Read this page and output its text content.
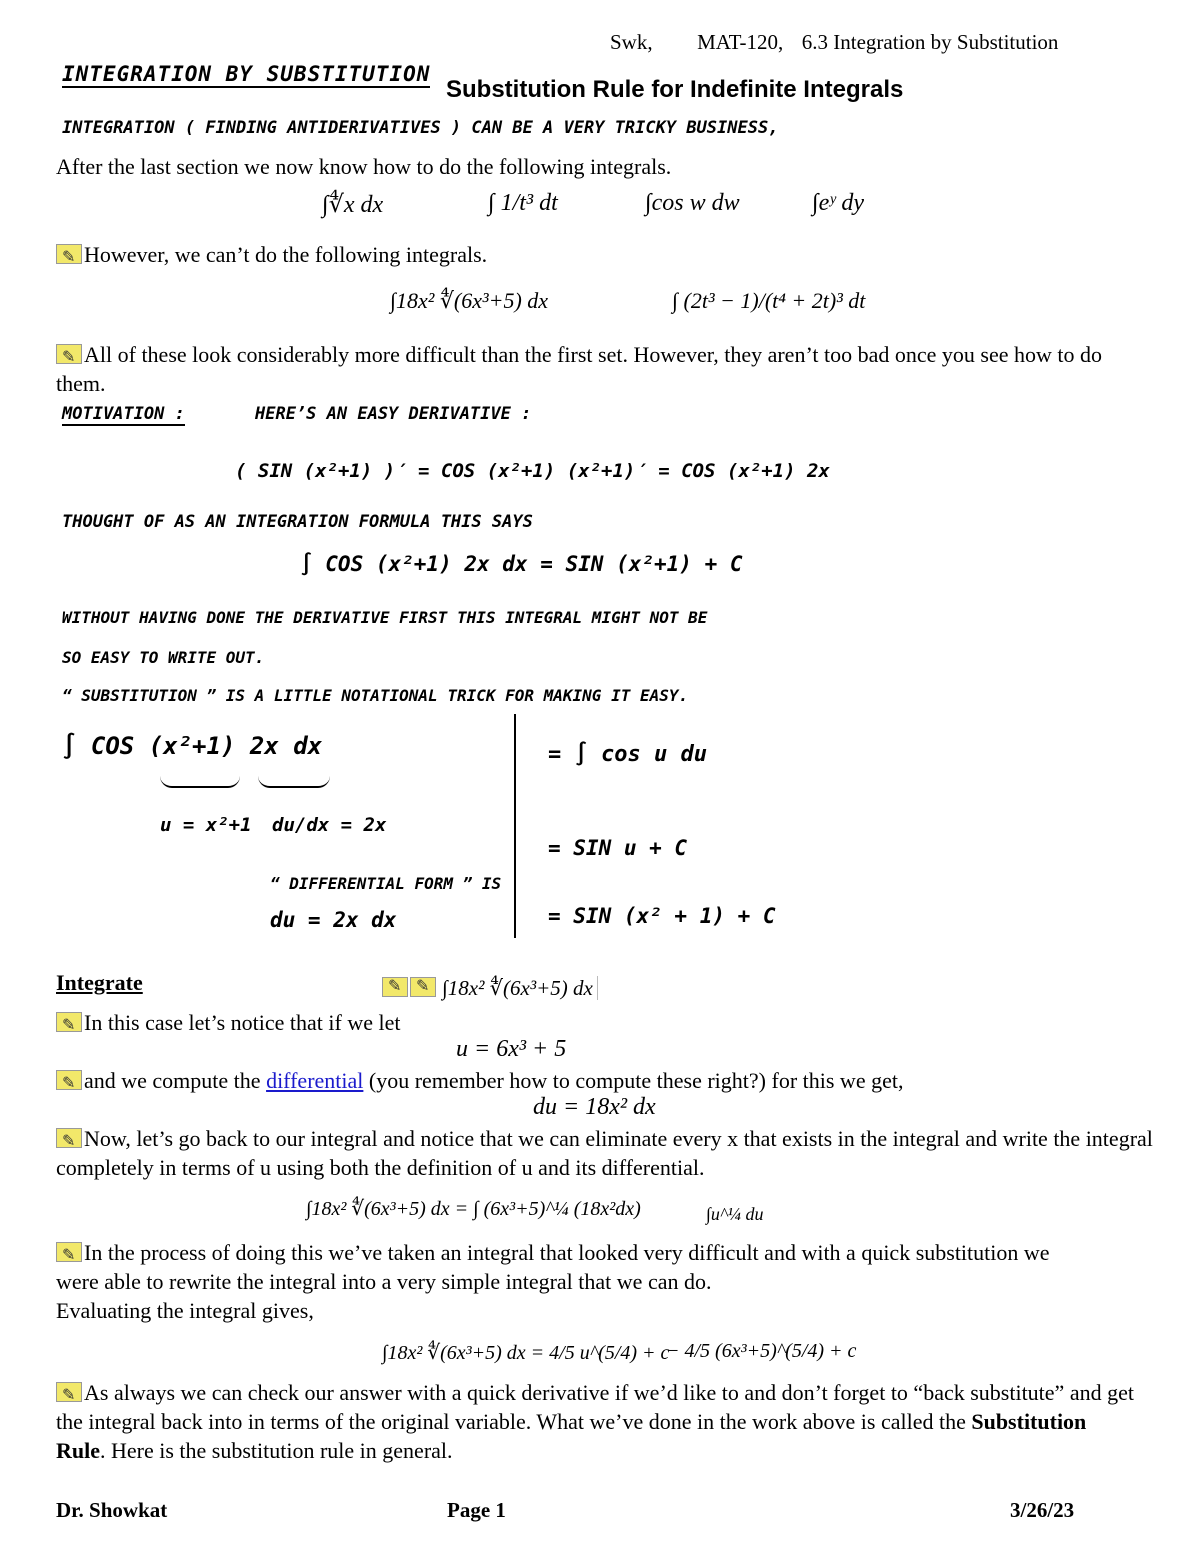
Swk, MAT-120, 6.3 Integration by Substitution
INTEGRATION BY SUBSTITUTION
Substitution Rule for Indefinite Integrals
INTEGRATION ( FINDING ANTIDERIVATIVES ) CAN BE A VERY TRICKY BUSINESS,
After the last section we now know how to do the following integrals.
∫∜x dx	∫ 1/t³ dt	∫cos w dw	∫eʸ dy
✎However, we can’t do the following integrals.
∫18x² ∜(6x³+5) dx	∫ (2t³ − 1)/(t⁴ + 2t)³ dt
✎All of these look considerably more difficult than the first set. However, they aren’t too bad once you see how to do them.
MOTIVATION :	HERE’S AN EASY DERIVATIVE :
( SIN (x²+1) )′ = COS (x²+1) (x²+1)′ = COS (x²+1) 2x
THOUGHT OF AS AN INTEGRATION FORMULA THIS SAYS
∫ COS (x²+1) 2x dx = SIN (x²+1) + C
WITHOUT HAVING DONE THE DERIVATIVE FIRST THIS INTEGRAL MIGHT NOT BE
SO EASY TO WRITE OUT.
“ SUBSTITUTION ” IS A LITTLE NOTATIONAL TRICK FOR MAKING IT EASY.
∫ COS (x²+1) 2x dx
u = x²+1 du/dx = 2x
“ DIFFERENTIAL FORM ” IS
du = 2x dx
= ∫ cos u du
= SIN u + C
= SIN (x² + 1) + C
Integrate ✎ ✎	∫18x² ∜(6x³+5) dx
✎In this case let’s notice that if we let
u = 6x³ + 5
✎and we compute the differential (you remember how to compute these right?) for this we get,
du = 18x² dx
✎Now, let’s go back to our integral and notice that we can eliminate every x that exists in the integral and write the integral completely in terms of u using both the definition of u and its differential.
∫18x² ∜(6x³+5) dx = ∫ (6x³+5)^¼ (18x²dx)	∫u^¼ du
✎In the process of doing this we’ve taken an integral that looked very difficult and with a quick substitution we were able to rewrite the integral into a very simple integral that we can do.
Evaluating the integral gives,
∫18x² ∜(6x³+5) dx = 4/5 u^(5/4) + c
− 4/5 (6x³+5)^(5/4) + c
✎As always we can check our answer with a quick derivative if we’d like to and don’t forget to “back substitute” and get the integral back into in terms of the original variable. What we’ve done in the work above is called the Substitution Rule. Here is the substitution rule in general.
Dr. Showkat	Page 1	3/26/23
